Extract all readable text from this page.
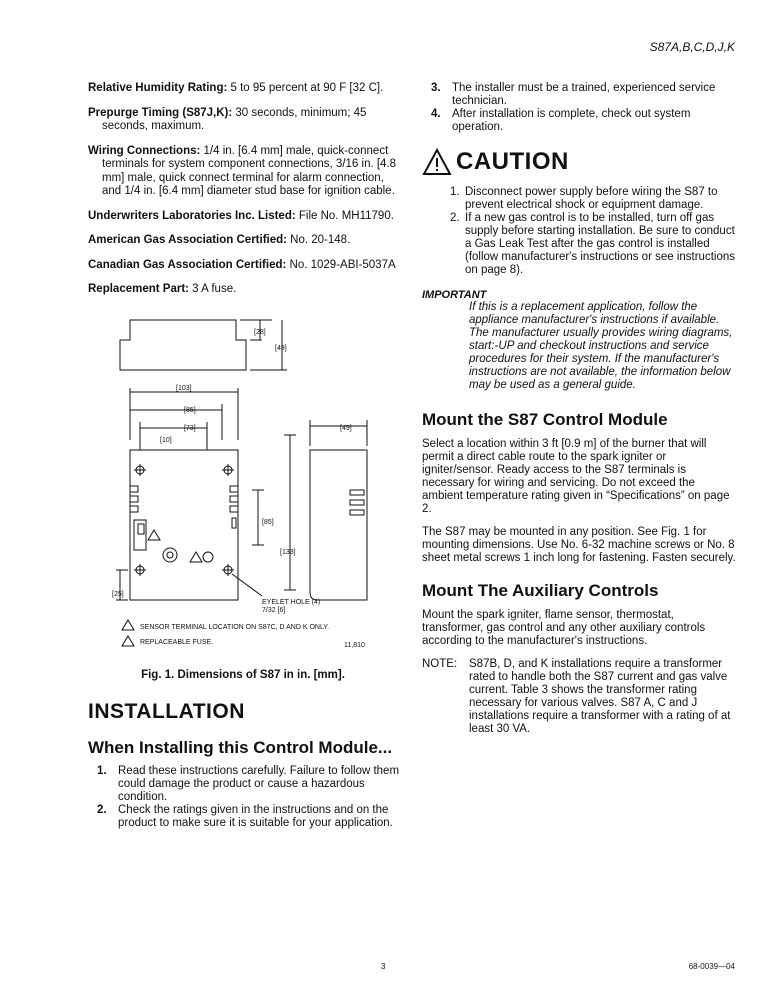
S87A,B,C,D,J,K

Relative Humidity Rating: 5 to 95 percent at 90 F [32 C].

Prepurge Timing (S87J,K): 30 seconds, minimum; 45 seconds, maximum.

Wiring Connections: 1/4 in. [6.4 mm] male, quick-connect terminals for system component connections, 3/16 in. [4.8 mm] male, quick connect terminal for alarm connection, and 1/4 in. [6.4 mm] diameter stud base for ignition cable.

Underwriters Laboratories Inc. Listed: File No. MH11790.

American Gas Association Certified: No. 20-148.

Canadian Gas Association Certified: No. 1029-ABI-5037A

Replacement Part: 3 A fuse.

[28]
[49]
[103]
[85]
[73]
[10]
[49]
[85]
[133]
[25]
EYELET HOLE (4)
7/32 [6]
SENSOR TERMINAL LOCATION ON S87C, D AND K ONLY.
REPLACEABLE FUSE.	11,810
Fig. 1. Dimensions of S87 in in. [mm].
INSTALLATION
When Installing this Control Module...
1. Read these instructions carefully. Failure to follow them could damage the product or cause a hazardous condition.
2. Check the ratings given in the instructions and on the product to make sure it is suitable for your application.
3. The installer must be a trained, experienced service technician.
4. After installation is complete, check out system operation.
CAUTION
1. Disconnect power supply before wiring the S87 to prevent electrical shock or equipment damage.
2. If a new gas control is to be installed, turn off gas supply before starting installation. Be sure to conduct a Gas Leak Test after the gas control is installed (follow manufacturer's instructions or see instructions on page 8).
IMPORTANT
If this is a replacement application, follow the appliance manufacturer's instructions if available. The manufacturer usually provides wiring diagrams, start:-UP and checkout instructions and service procedures for their system. If the manufacturer's instructions are not available, the information below may be used as a general guide.
Mount the S87 Control Module

Select a location within 3 ft [0.9 m] of the burner that will permit a direct cable route to the spark igniter or igniter/sensor. Ready access to the S87 terminals is necessary for wiring and servicing. Do not exceed the ambient temperature rating given in “Specifications” on page 2.

The S87 may be mounted in any position. See Fig. 1 for mounting dimensions. Use No. 6-32 machine screws or No. 8 sheet metal screws 1 inch long for fastening. Fasten securely.

Mount The Auxiliary Controls

Mount the spark igniter, flame sensor, thermostat, transformer, gas control and any other auxiliary controls according to the manufacturer's instructions.

NOTE:	S87B, D, and K installations require a transformer rated to handle both the S87 current and gas valve current. Table 3 shows the transformer rating necessary for various valves. S87 A, C and J installations require a transformer with a rating of at least 30 VA.
3	68-0039—04
